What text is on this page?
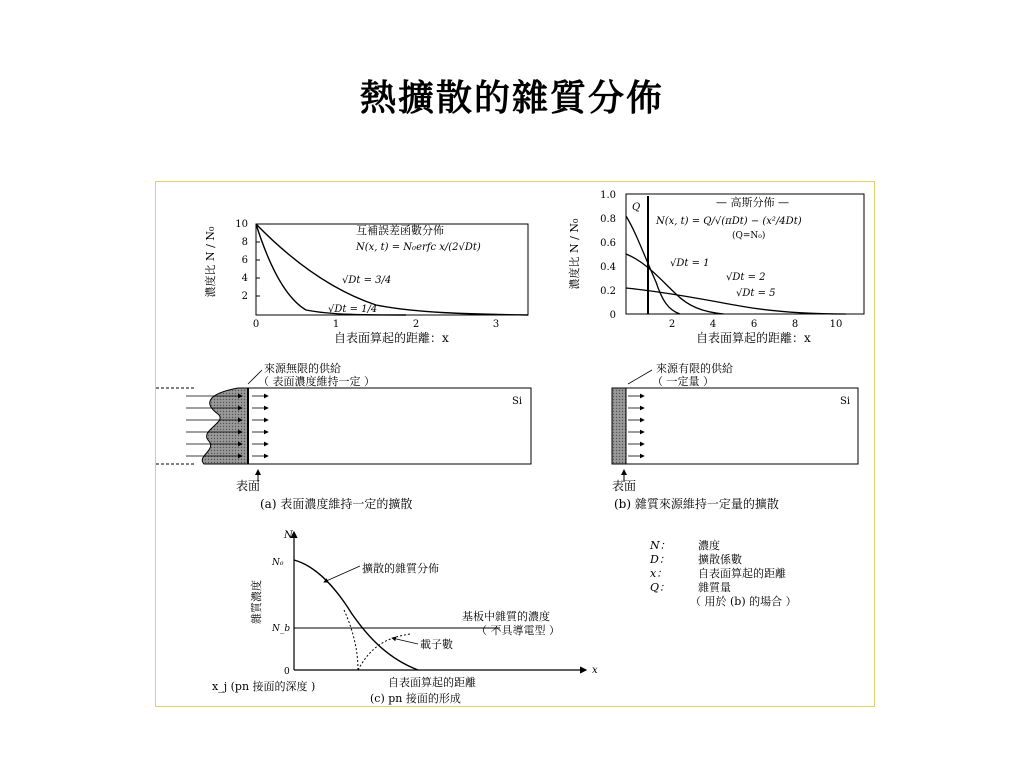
熱擴散的雜質分佈
濃度比 N / N₀
10
8
6
4
2
0	1	2	3
互補誤差函數分佈
N(x, t) = N₀erfc x/(2√Dt)
√Dt = 3/4
√Dt = 1/4
自表面算起的距離：x
濃度比 N / N₀
1.0
0.8
0.6
0.4
0.2
0
2	4	6	8	10
Q	— 高斯分佈 —
N(x, t) = Q/√(πDt) − (x²/4Dt)
(Q=N₀)
√Dt = 1
√Dt = 2
√Dt = 5
自表面算起的距離：x
來源無限的供給
（ 表面濃度維持一定 ）
Si
表面
(a) 表面濃度維持一定的擴散
來源有限的供給
（ 一定量 ）
Si
表面
(b) 雜質來源維持一定量的擴散
N
x
N₀
N_b
0
雜質濃度
擴散的雜質分佈
基板中雜質的濃度
（ 不具導電型 ）
載子數
x_j (pn 接面的深度 )	自表面算起的距離
(c) pn 接面的形成
N： 濃度
D：	擴散係數
x：	自表面算起的距離
Q：	雜質量
（ 用於 (b) 的場合 ）
